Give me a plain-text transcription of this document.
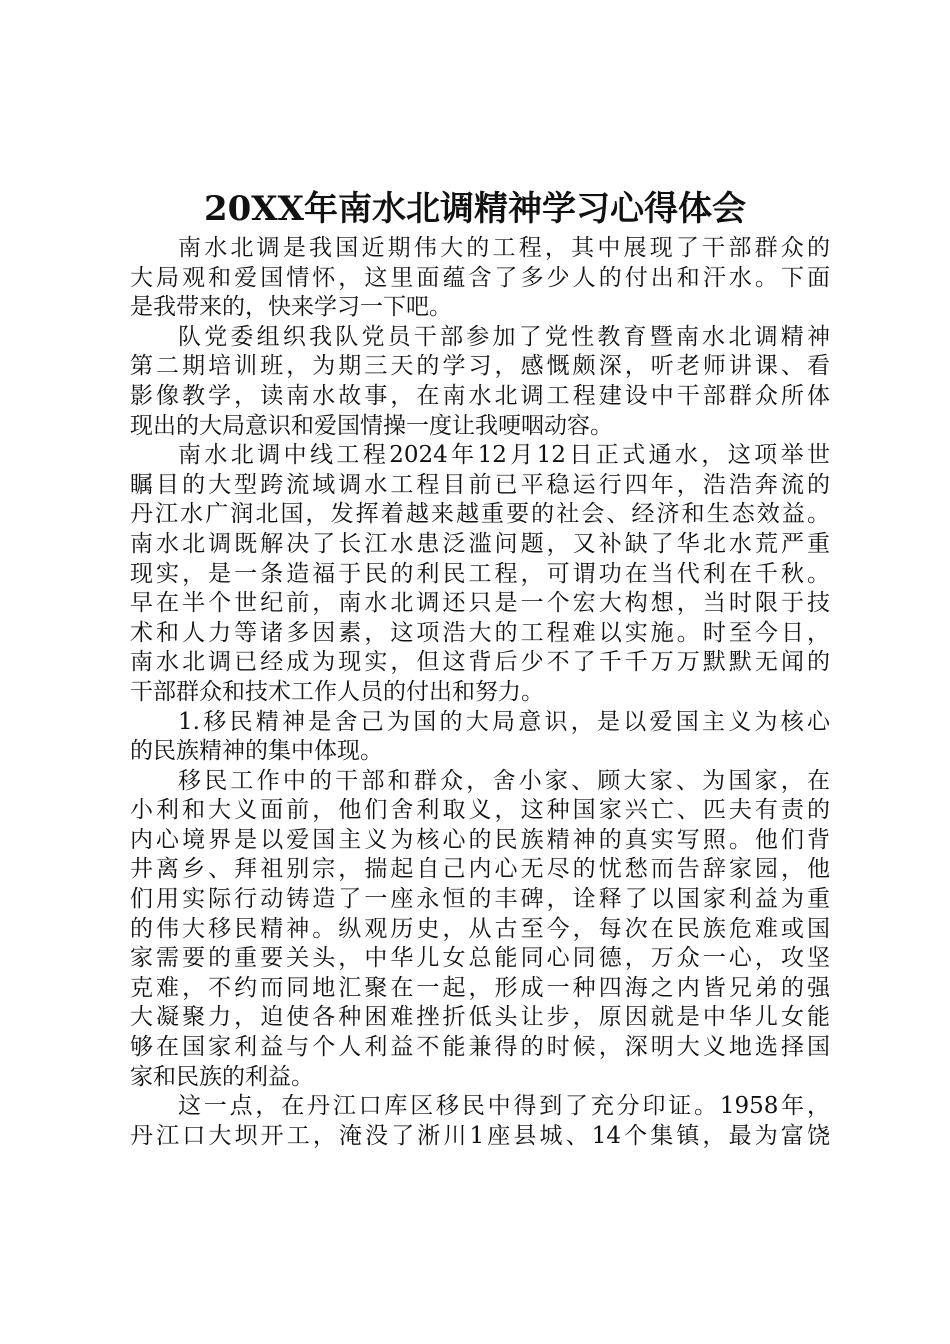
20XX年南水北调精神学习心得体会
南水北调是我国近期伟大的工程，其中展现了干部群众的
大局观和爱国情怀，这里面蕴含了多少人的付出和汗水。下面
是我带来的，快来学习一下吧。
队党委组织我队党员干部参加了党性教育暨南水北调精神
第二期培训班，为期三天的学习，感慨颇深，听老师讲课、看
影像教学，读南水故事，在南水北调工程建设中干部群众所体
现出的大局意识和爱国情操一度让我哽咽动容。
南水北调中线工程2024年12月12日正式通水，这项举世
瞩目的大型跨流域调水工程目前已平稳运行四年，浩浩奔流的
丹江水广润北国，发挥着越来越重要的社会、经济和生态效益。
南水北调既解决了长江水患泛滥问题，又补缺了华北水荒严重
现实，是一条造福于民的利民工程，可谓功在当代利在千秋。
早在半个世纪前，南水北调还只是一个宏大构想，当时限于技
术和人力等诸多因素，这项浩大的工程难以实施。时至今日，
南水北调已经成为现实，但这背后少不了千千万万默默无闻的
干部群众和技术工作人员的付出和努力。
1.移民精神是舍己为国的大局意识，是以爱国主义为核心
的民族精神的集中体现。
移民工作中的干部和群众，舍小家、顾大家、为国家，在
小利和大义面前，他们舍利取义，这种国家兴亡、匹夫有责的
内心境界是以爱国主义为核心的民族精神的真实写照。他们背
井离乡、拜祖别宗，揣起自己内心无尽的忧愁而告辞家园，他
们用实际行动铸造了一座永恒的丰碑，诠释了以国家利益为重
的伟大移民精神。纵观历史，从古至今，每次在民族危难或国
家需要的重要关头，中华儿女总能同心同德，万众一心，攻坚
克难，不约而同地汇聚在一起，形成一种四海之内皆兄弟的强
大凝聚力，迫使各种困难挫折低头让步，原因就是中华儿女能
够在国家利益与个人利益不能兼得的时候，深明大义地选择国
家和民族的利益。
这一点，在丹江口库区移民中得到了充分印证。1958年，
丹江口大坝开工，淹没了淅川1座县城、14个集镇，最为富饶
